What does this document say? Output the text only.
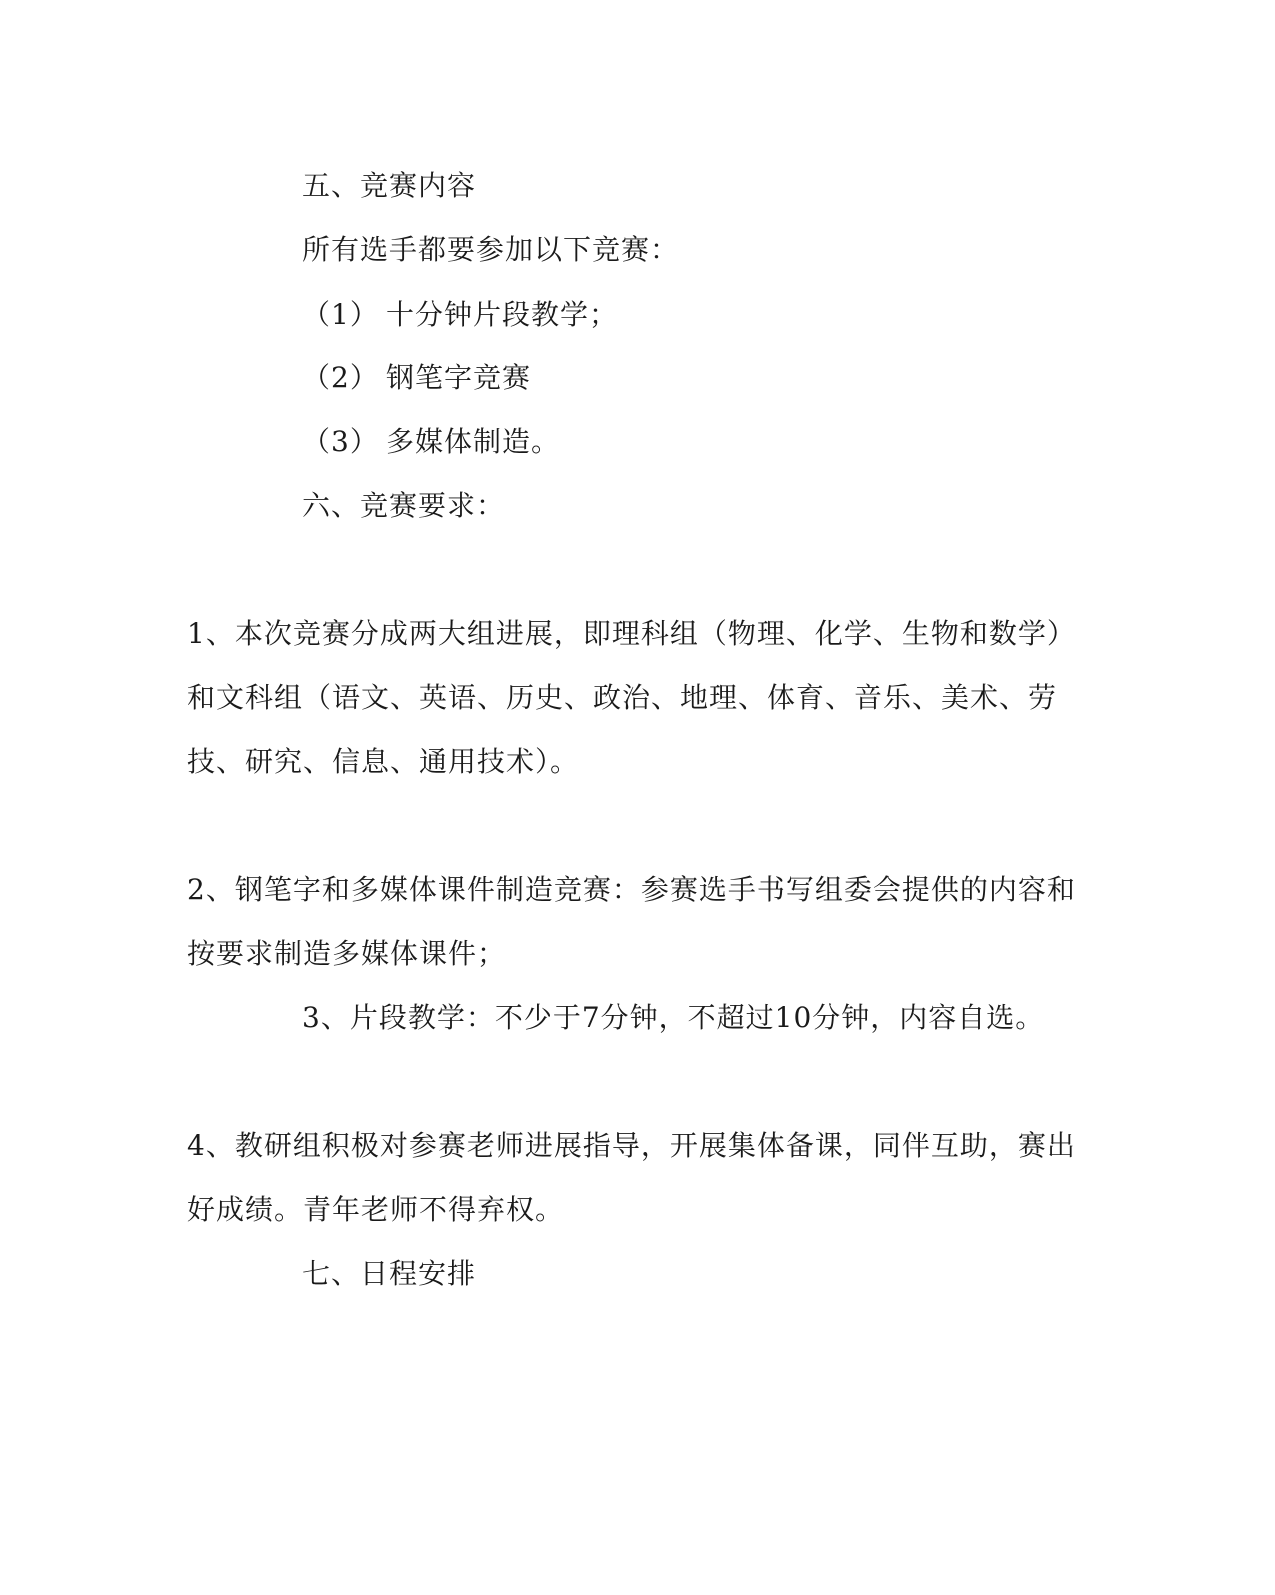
五、竞赛内容

所有选手都要参加以下竞赛：

（1） 十分钟片段教学；

（2） 钢笔字竞赛

（3） 多媒体制造。

六、竞赛要求：

1、本次竞赛分成两大组进展，即理科组（物理、化学、生物和数学）

和文科组（语文、英语、历史、政治、地理、体育、音乐、美术、劳

技、研究、信息、通用技术）。

2、钢笔字和多媒体课件制造竞赛：参赛选手书写组委会提供的内容和

按要求制造多媒体课件；

3、片段教学：不少于7分钟，不超过10分钟，内容自选。

4、教研组积极对参赛老师进展指导，开展集体备课，同伴互助，赛出

好成绩。青年老师不得弃权。

七、日程安排
